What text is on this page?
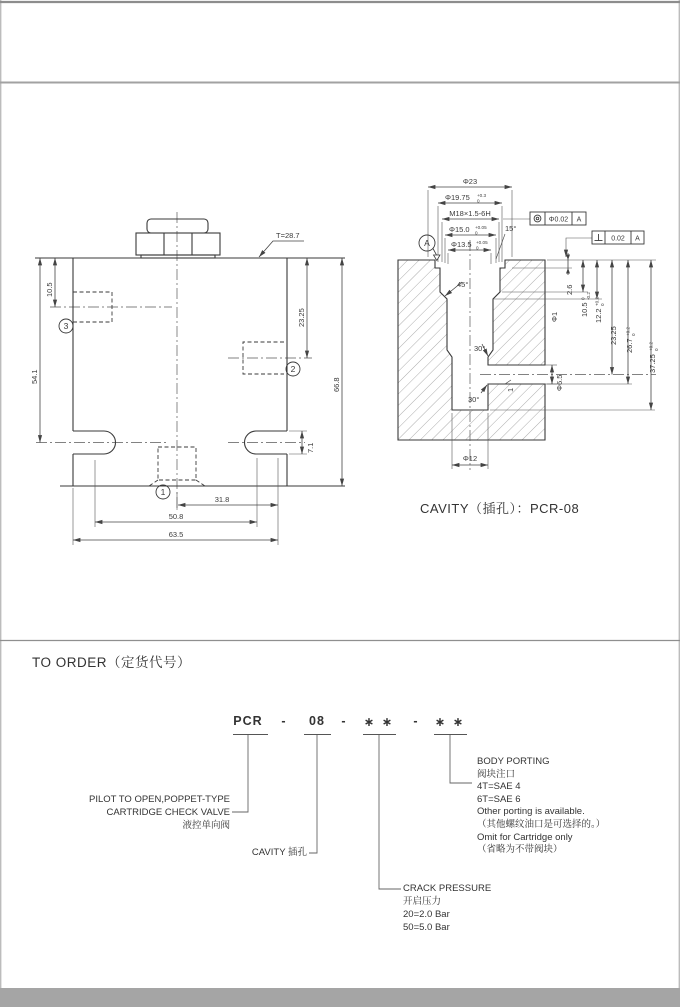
T=28.7
10.5
54.1
23.25
66.8
7.1
31.8
50.8
63.5
1
2
3
Φ23
Φ19.75 +0.3
0
M18×1.5-6H
Φ15.0 +0.05
0
Φ13.5 +0.05
0
15°
45°
30°
30°
2.6
10.5
0 -0.2
12.2
+0.2 0
23.25
26.7
+0.2 0
37.25
+0.2 0
Φ1
Φ6.5
1
Φ12
Φ0.02 A
0.02 A
A
CAVITY（插孔）：PCR-08
TO ORDER（定货代号）
PCR -	08	- ∗ ∗ - ∗ ∗
PILOT TO OPEN,POPPET-TYPE
CARTRIDGE CHECK VALVE
液控单向阀
CAVITY 插孔
BODY PORTING
阀块注口
4T=SAE 4
6T=SAE 6
Other porting is available.
（其他螺纹油口是可选择的。）
Omit for Cartridge only
（省略为不带阀块）
CRACK PRESSURE
开启压力
20=2.0 Bar
50=5.0 Bar
